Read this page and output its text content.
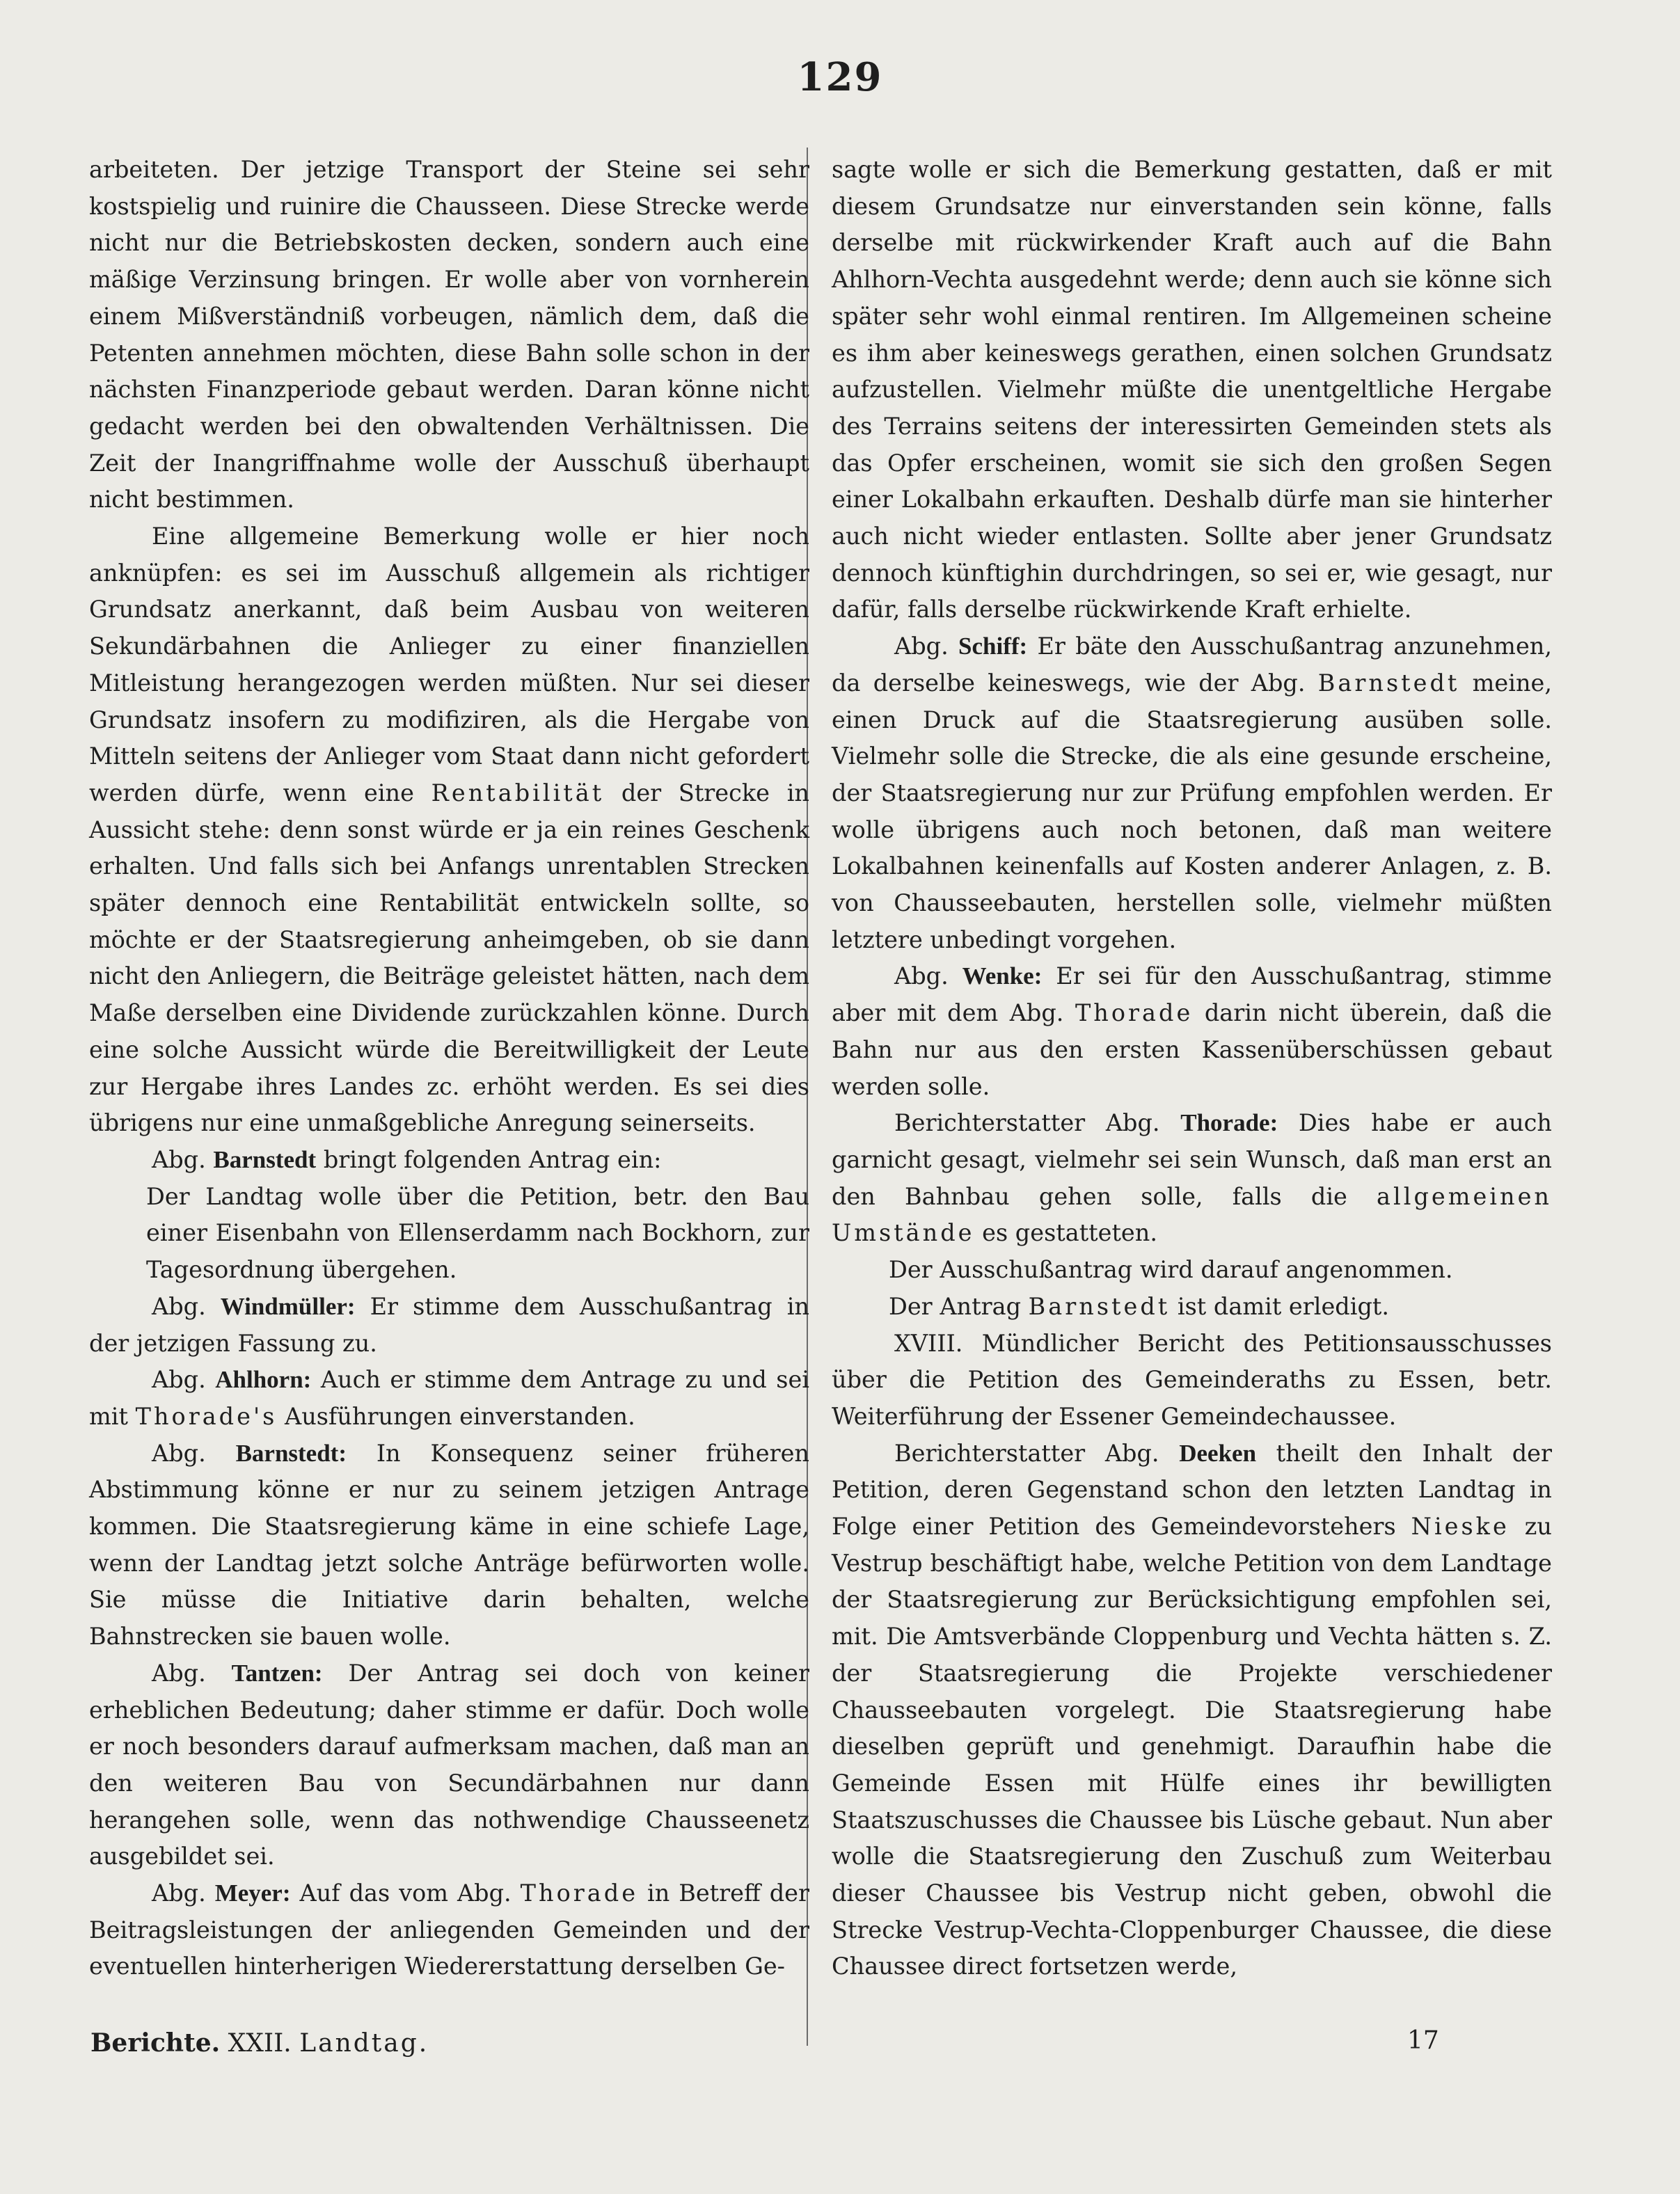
129

arbeiteten. Der jetzige Transport der Steine sei sehr kostspielig und ruinire die Chausseen. Diese Strecke werde nicht nur die Betriebskosten decken, sondern auch eine mäßige Verzinsung bringen. Er wolle aber von vornherein einem Mißverständniß vorbeugen, nämlich dem, daß die Petenten annehmen möchten, diese Bahn solle schon in der nächsten Finanzperiode gebaut werden. Daran könne nicht gedacht werden bei den obwaltenden Verhältnissen. Die Zeit der Inangriffnahme wolle der Ausschuß überhaupt nicht bestimmen.

Eine allgemeine Bemerkung wolle er hier noch anknüpfen: es sei im Ausschuß allgemein als richtiger Grundsatz anerkannt, daß beim Ausbau von weiteren Sekundärbahnen die Anlieger zu einer finanziellen Mitleistung herangezogen werden müßten. Nur sei dieser Grundsatz insofern zu modifiziren, als die Hergabe von Mitteln seitens der Anlieger vom Staat dann nicht gefordert werden dürfe, wenn eine Rentabilität der Strecke in Aussicht stehe: denn sonst würde er ja ein reines Geschenk erhalten. Und falls sich bei Anfangs unrentablen Strecken später dennoch eine Rentabilität entwickeln sollte, so möchte er der Staatsregierung anheimgeben, ob sie dann nicht den Anliegern, die Beiträge geleistet hätten, nach dem Maße derselben eine Dividende zurückzahlen könne. Durch eine solche Aussicht würde die Bereitwilligkeit der Leute zur Hergabe ihres Landes zc. erhöht werden. Es sei dies übrigens nur eine unmaßgebliche Anregung seinerseits.

Abg. Barnstedt bringt folgenden Antrag ein:

Der Landtag wolle über die Petition, betr. den Bau einer Eisenbahn von Ellenserdamm nach Bockhorn, zur Tagesordnung übergehen.

Abg. Windmüller: Er stimme dem Ausschußantrag in der jetzigen Fassung zu.

Abg. Ahlhorn: Auch er stimme dem Antrage zu und sei mit Thorade's Ausführungen einverstanden.

Abg. Barnstedt: In Konsequenz seiner früheren Abstimmung könne er nur zu seinem jetzigen Antrage kommen. Die Staatsregierung käme in eine schiefe Lage, wenn der Landtag jetzt solche Anträge befürworten wolle. Sie müsse die Initiative darin behalten, welche Bahnstrecken sie bauen wolle.

Abg. Tantzen: Der Antrag sei doch von keiner erheblichen Bedeutung; daher stimme er dafür. Doch wolle er noch besonders darauf aufmerksam machen, daß man an den weiteren Bau von Secundärbahnen nur dann herangehen solle, wenn das nothwendige Chausseenetz ausgebildet sei.

Abg. Meyer: Auf das vom Abg. Thorade in Betreff der Beitragsleistungen der anliegenden Gemeinden und der eventuellen hinterherigen Wiedererstattung derselben Ge-

sagte wolle er sich die Bemerkung gestatten, daß er mit diesem Grundsatze nur einverstanden sein könne, falls derselbe mit rückwirkender Kraft auch auf die Bahn Ahlhorn-Vechta ausgedehnt werde; denn auch sie könne sich später sehr wohl einmal rentiren. Im Allgemeinen scheine es ihm aber keineswegs gerathen, einen solchen Grundsatz aufzustellen. Vielmehr müßte die unentgeltliche Hergabe des Terrains seitens der interessirten Gemeinden stets als das Opfer erscheinen, womit sie sich den großen Segen einer Lokalbahn erkauften. Deshalb dürfe man sie hinterher auch nicht wieder entlasten. Sollte aber jener Grundsatz dennoch künftighin durchdringen, so sei er, wie gesagt, nur dafür, falls derselbe rückwirkende Kraft erhielte.

Abg. Schiff: Er bäte den Ausschußantrag anzunehmen, da derselbe keineswegs, wie der Abg. Barnstedt meine, einen Druck auf die Staatsregierung ausüben solle. Vielmehr solle die Strecke, die als eine gesunde erscheine, der Staatsregierung nur zur Prüfung empfohlen werden. Er wolle übrigens auch noch betonen, daß man weitere Lokalbahnen keinenfalls auf Kosten anderer Anlagen, z. B. von Chausseebauten, herstellen solle, vielmehr müßten letztere unbedingt vorgehen.

Abg. Wenke: Er sei für den Ausschußantrag, stimme aber mit dem Abg. Thorade darin nicht überein, daß die Bahn nur aus den ersten Kassenüberschüssen gebaut werden solle.

Berichterstatter Abg. Thorade: Dies habe er auch garnicht gesagt, vielmehr sei sein Wunsch, daß man erst an den Bahnbau gehen solle, falls die allgemeinen Umstände es gestatteten.

Der Ausschußantrag wird darauf angenommen.

Der Antrag Barnstedt ist damit erledigt.

XVIII. Mündlicher Bericht des Petitionsausschusses über die Petition des Gemeinderaths zu Essen, betr. Weiterführung der Essener Gemeindechaussee.

Berichterstatter Abg. Deeken theilt den Inhalt der Petition, deren Gegenstand schon den letzten Landtag in Folge einer Petition des Gemeindevorstehers Nieske zu Vestrup beschäftigt habe, welche Petition von dem Landtage der Staatsregierung zur Berücksichtigung empfohlen sei, mit. Die Amtsverbände Cloppenburg und Vechta hätten s. Z. der Staatsregierung die Projekte verschiedener Chausseebauten vorgelegt. Die Staatsregierung habe dieselben geprüft und genehmigt. Daraufhin habe die Gemeinde Essen mit Hülfe eines ihr bewilligten Staatszuschusses die Chaussee bis Lüsche gebaut. Nun aber wolle die Staatsregierung den Zuschuß zum Weiterbau dieser Chaussee bis Vestrup nicht geben, obwohl die Strecke Vestrup-Vechta-Cloppenburger Chaussee, die diese Chaussee direct fortsetzen werde,

Berichte. XXII. Landtag.	17
